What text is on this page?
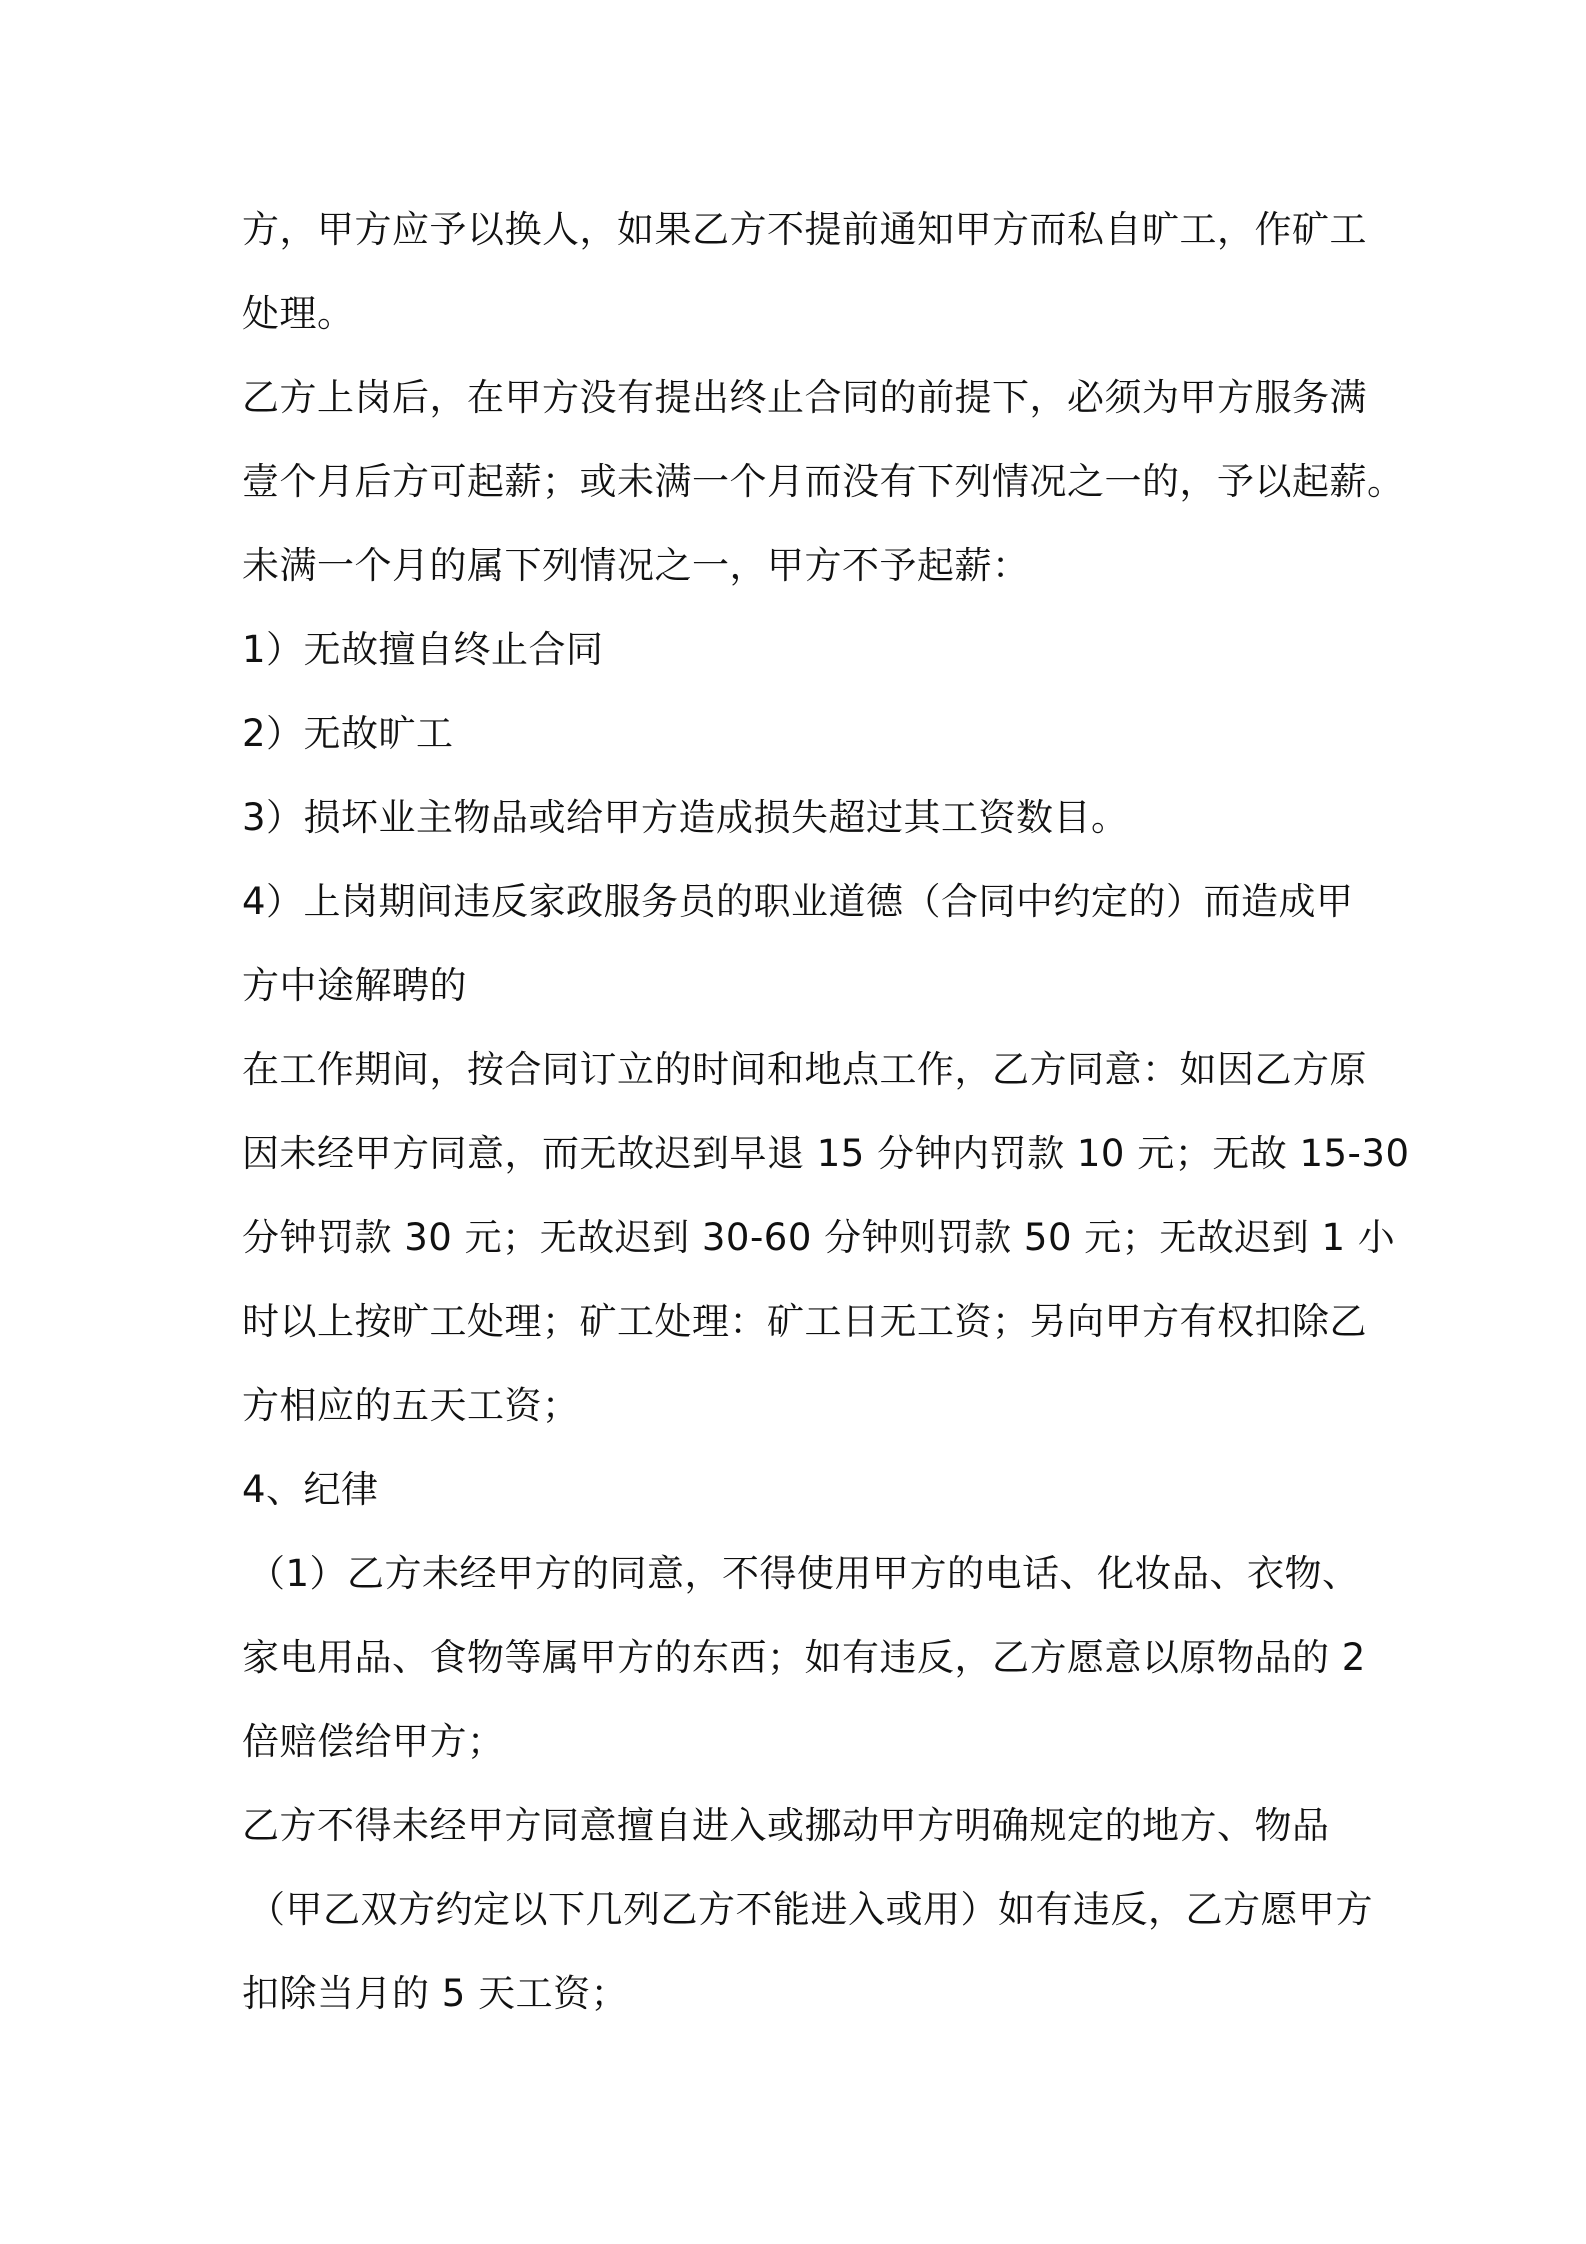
方，甲方应予以换人，如果乙方不提前通知甲方而私自旷工，作矿工

处理。

乙方上岗后，在甲方没有提出终止合同的前提下，必须为甲方服务满

壹个月后方可起薪；或未满一个月而没有下列情况之一的，予以起薪。

未满一个月的属下列情况之一，甲方不予起薪：

1）无故擅自终止合同

2）无故旷工

3）损坏业主物品或给甲方造成损失超过其工资数目。

4）上岗期间违反家政服务员的职业道德（合同中约定的）而造成甲

方中途解聘的

在工作期间，按合同订立的时间和地点工作，乙方同意：如因乙方原

因未经甲方同意，而无故迟到早退 15 分钟内罚款 10 元；无故 15-30

分钟罚款 30 元；无故迟到 30-60 分钟则罚款 50 元；无故迟到 1 小

时以上按旷工处理；矿工处理：矿工日无工资；另向甲方有权扣除乙

方相应的五天工资；

4、纪律

（1）乙方未经甲方的同意，不得使用甲方的电话、化妆品、衣物、

家电用品、食物等属甲方的东西；如有违反，乙方愿意以原物品的 2

倍赔偿给甲方；

乙方不得未经甲方同意擅自进入或挪动甲方明确规定的地方、物品

（甲乙双方约定以下几列乙方不能进入或用）如有违反，乙方愿甲方

扣除当月的 5 天工资；
